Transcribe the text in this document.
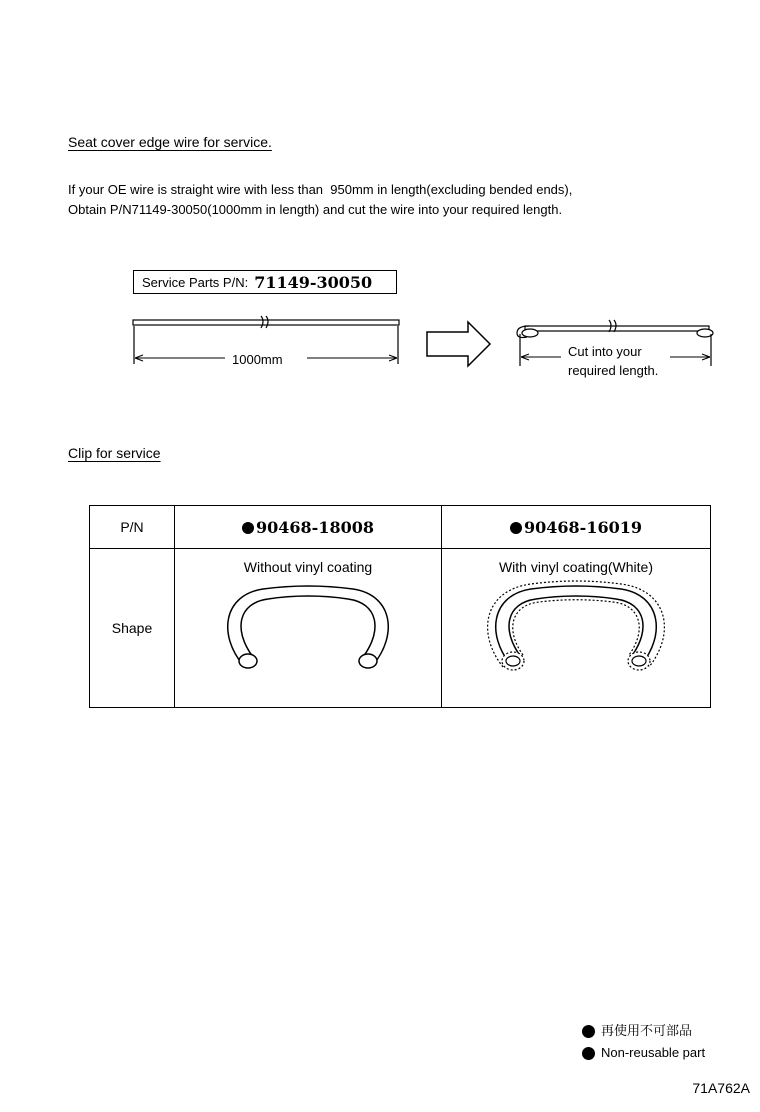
Seat cover edge wire for service.
If your OE wire is straight wire with less than  950mm in length(excluding bended ends),
Obtain P/N71149-30050(1000mm in length) and cut the wire into your required length.
Service Parts P/N: 71149-30050
1000mm
Cut into your
required length.
Clip for service
P/N	90468-18008	90468-16019
Shape	Without vinyl coating	With vinyl coating(White)
再使用不可部品
Non-reusable part
71A762A
